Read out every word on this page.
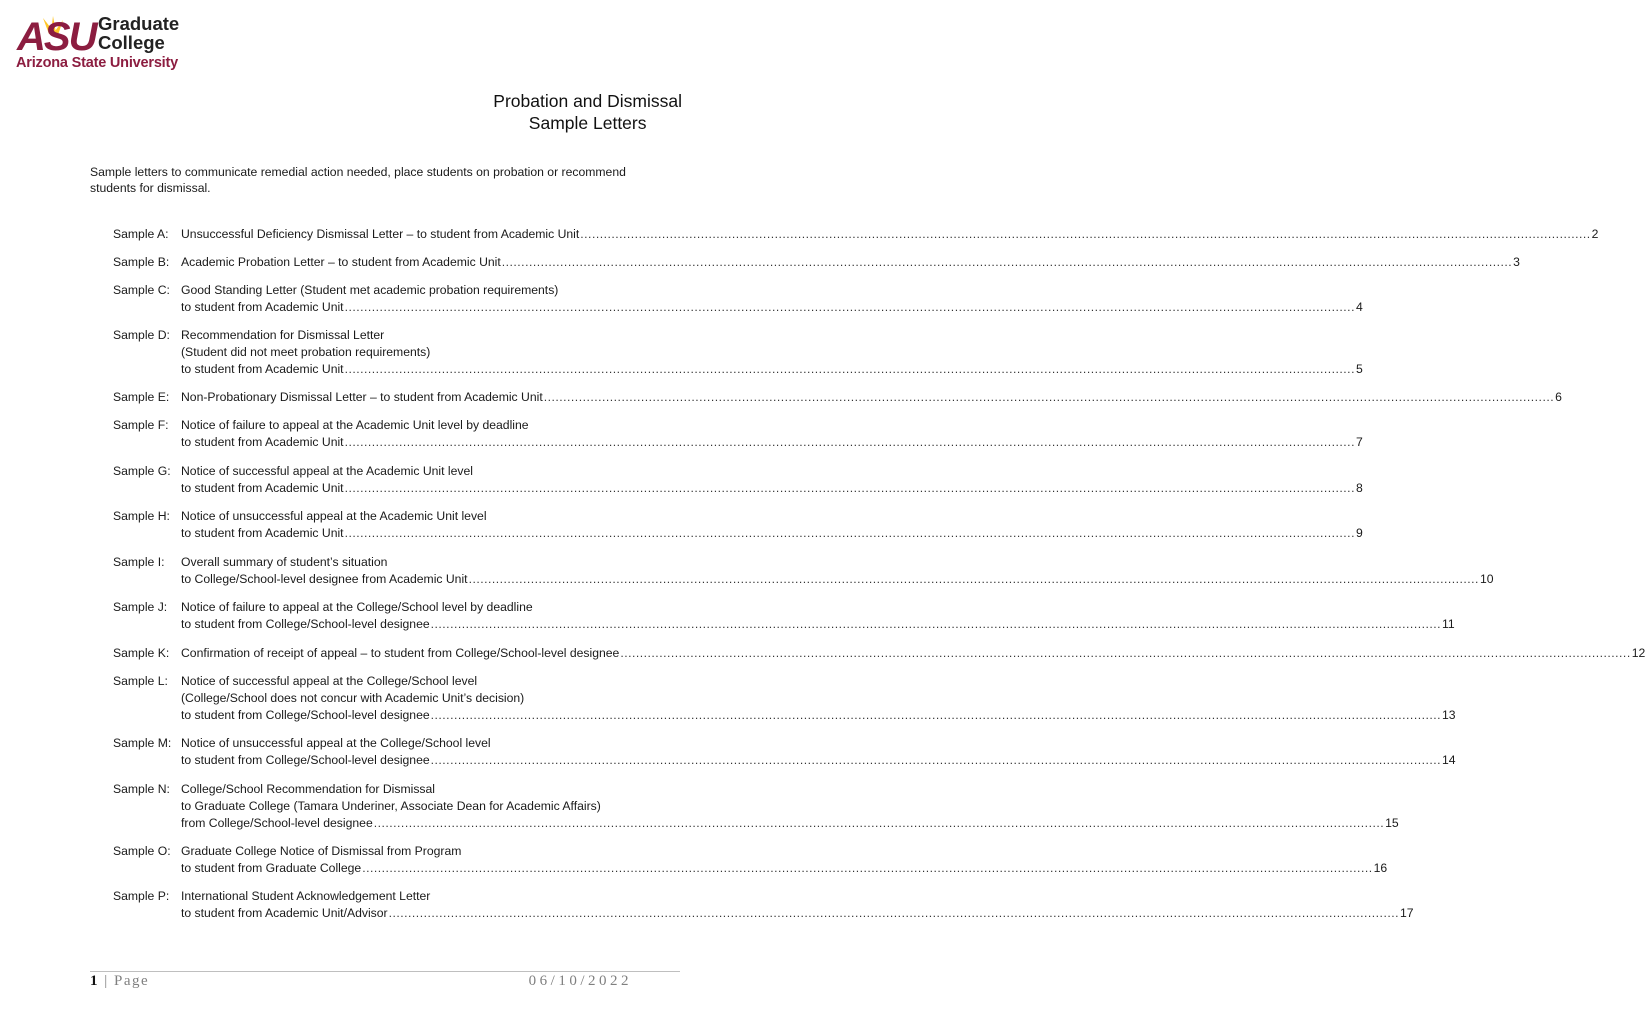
ASU Graduate
College
Arizona State University
Probation and Dismissal
Sample Letters
Sample letters to communicate remedial action needed, place students on probation or recommend students for dismissal.
Sample A:	Unsuccessful Deficiency Dismissal Letter – to student from Academic Unit .................................................................................................................................................................................................................................................................... 2
Sample B: Academic Probation Letter – to student from Academic Unit .................................................................................................................................................................................................................................................................... 3
Sample C: Good Standing Letter (Student met academic probation requirements)
to student from Academic Unit .................................................................................................................................................................................................................................................................... 4
Sample D: Recommendation for Dismissal Letter
(Student did not meet probation requirements)
to student from Academic Unit .................................................................................................................................................................................................................................................................... 5
Sample E: Non-Probationary Dismissal Letter – to student from Academic Unit .................................................................................................................................................................................................................................................................... 6
Sample F:	Notice of failure to appeal at the Academic Unit level by deadline
to student from Academic Unit .................................................................................................................................................................................................................................................................... 7
Sample G: Notice of successful appeal at the Academic Unit level
to student from Academic Unit .................................................................................................................................................................................................................................................................... 8
Sample H: Notice of unsuccessful appeal at the Academic Unit level
to student from Academic Unit .................................................................................................................................................................................................................................................................... 9
Sample I:	Overall summary of student’s situation
to College/School-level designee from Academic Unit .................................................................................................................................................................................................................................................................... 10
Sample J:	Notice of failure to appeal at the College/School level by deadline
to student from College/School-level designee .................................................................................................................................................................................................................................................................... 11
Sample K: Confirmation of receipt of appeal – to student from College/School-level designee .................................................................................................................................................................................................................................................................... 12
Sample L:	Notice of successful appeal at the College/School level
(College/School does not concur with Academic Unit’s decision)
to student from College/School-level designee .................................................................................................................................................................................................................................................................... 13
Sample M: Notice of unsuccessful appeal at the College/School level
to student from College/School-level designee .................................................................................................................................................................................................................................................................... 14
Sample N: College/School Recommendation for Dismissal
to Graduate College (Tamara Underiner, Associate Dean for Academic Affairs)
from College/School-level designee .................................................................................................................................................................................................................................................................... 15
Sample O: Graduate College Notice of Dismissal from Program
to student from Graduate College .................................................................................................................................................................................................................................................................... 16
Sample P: International Student Acknowledgement Letter
to student from Academic Unit/Advisor .................................................................................................................................................................................................................................................................... 17
1 | Page	06/10/2022
